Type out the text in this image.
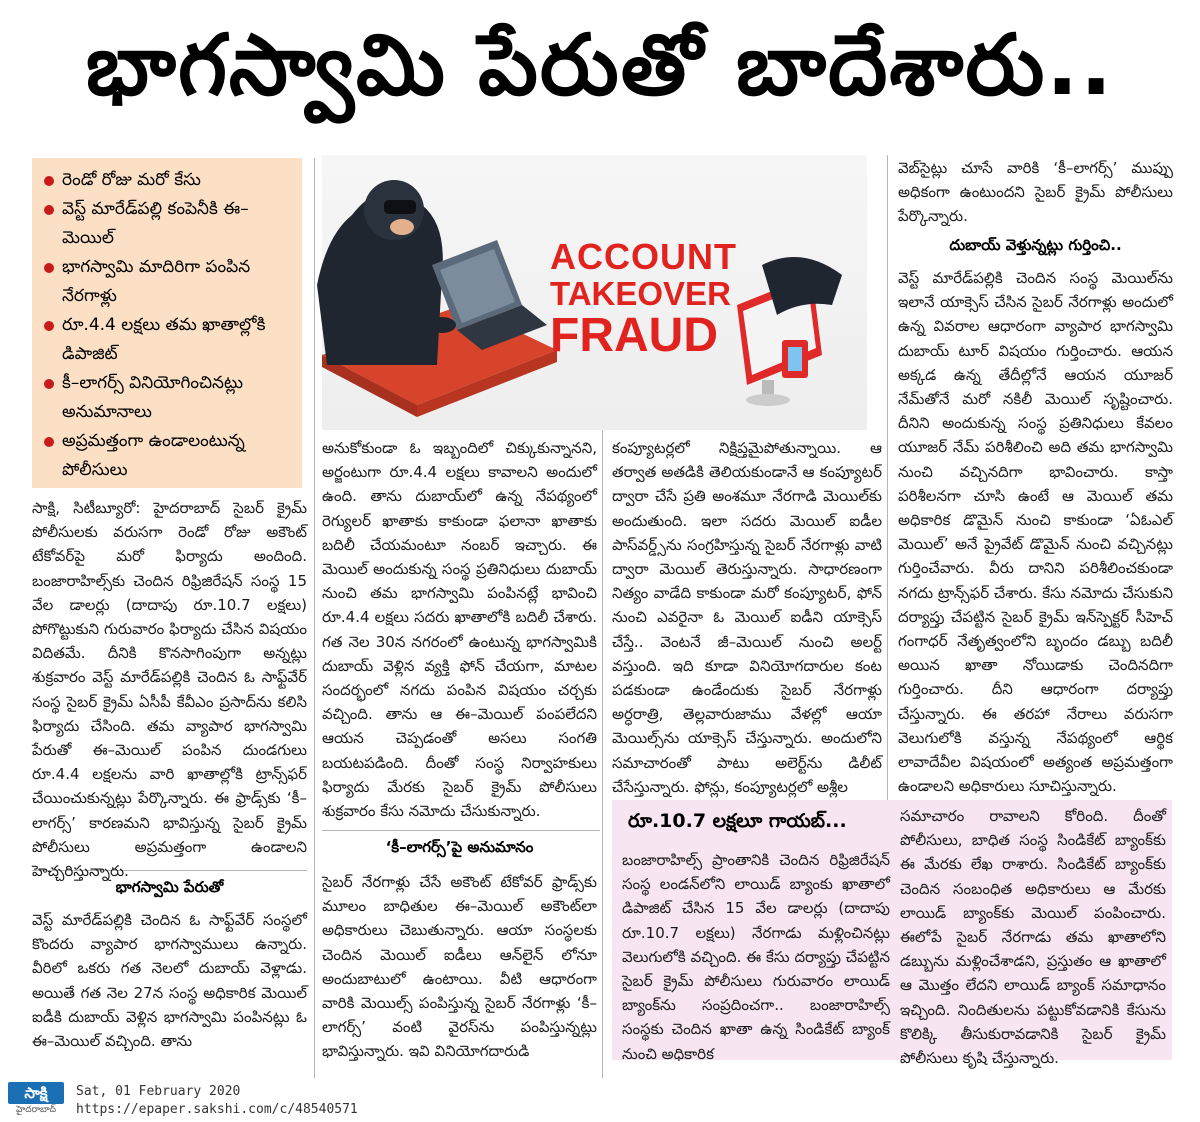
భాగస్వామి పేరుతో బాదేశారు..
రెండో రోజు మరో కేసు
వెస్ట్ మారేడ్‌పల్లి కంపెనీకి ఈ–మెయిల్
భాగస్వామి మాదిరిగా పంపిన నేరగాళ్లు
రూ.4.4 లక్షలు తమ ఖాతాల్లోకి డిపాజిట్
కీ–లాగర్స్ వినియోగించినట్లు అనుమానాలు
అప్రమత్తంగా ఉండాలంటున్న పోలీసులు

సాక్షి, సిటీబ్యూరో: హైదరాబాద్ సైబర్ క్రైమ్ పోలీసులకు వరుసగా రెండో రోజు అకౌంట్ టేకోవర్‌పై మరో ఫిర్యాదు అందింది. బంజారాహిల్స్‌కు చెందిన రిఫ్రిజిరేషన్ సంస్థ 15 వేల డాలర్లు (దాదాపు రూ.10.7 లక్షలు) పోగొట్టుకుని గురువారం ఫిర్యాదు చేసిన విషయం విదితమే. దీనికి కొనసాగింపుగా అన్నట్లు శుక్రవారం వెస్ట్ మారేడ్‌పల్లికి చెందిన ఓ సాఫ్ట్‌వేర్ సంస్థ సైబర్ క్రైమ్ ఏసీపీ కేవీఎం ప్రసాద్‌ను కలిసి ఫిర్యాదు చేసింది. తమ వ్యాపార భాగస్వామి పేరుతో ఈ–మెయిల్ పంపిన దుండగులు రూ.4.4 లక్షలను వారి ఖాతాల్లోకి ట్రాన్స్‌ఫర్ చేయించుకున్నట్లు పేర్కొన్నారు. ఈ ఫ్రాడ్స్‌కు ‘కీ–లాగర్స్’ కారణమని భావిస్తున్న సైబర్ క్రైమ్ పోలీసులు అప్రమత్తంగా ఉండాలని హెచ్చరిస్తున్నారు.

భాగస్వామి పేరుతో

వెస్ట్ మారేడ్‌పల్లికి చెందిన ఓ సాఫ్ట్‌వేర్ సంస్థలో కొందరు వ్యాపార భాగస్వాములు ఉన్నారు. వీరిలో ఒకరు గత నెలలో దుబాయ్ వెళ్లాడు. అయితే గత నెల 27న సంస్థ అధికారిక మెయిల్ ఐడీకి దుబాయ్ వెళ్లిన భాగస్వామి పంపినట్లు ఓ ఈ–మెయిల్ వచ్చింది. తాను

ACCOUNT
TAKEOVER
FRAUD

అనుకోకుండా ఓ ఇబ్బందిలో చిక్కుకున్నానని, అర్జంటుగా రూ.4.4 లక్షలు కావాలని అందులో ఉంది. తాను దుబాయ్‌లో ఉన్న నేపథ్యంలో రెగ్యులర్ ఖాతాకు కాకుండా ఫలానా ఖాతాకు బదిలీ చేయమంటూ నంబర్ ఇచ్చారు. ఈ మెయిల్ అందుకున్న సంస్థ ప్రతినిధులు దుబాయ్ నుంచి తమ భాగస్వామి పంపినట్లే భావించి రూ.4.4 లక్షలు సదరు ఖాతాలోకి బదిలీ చేశారు. గత నెల 30న నగరంలో ఉంటున్న భాగస్వామికి దుబాయ్ వెళ్లిన వ్యక్తి ఫోన్ చేయగా, మాటల సందర్భంలో నగదు పంపిన విషయం చర్చకు వచ్చింది. తాను ఆ ఈ–మెయిల్ పంపలేదని ఆయన చెప్పడంతో అసలు సంగతి బయటపడింది. దీంతో సంస్థ నిర్వాహకులు ఫిర్యాదు మేరకు సైబర్ క్రైమ్ పోలీసులు శుక్రవారం కేసు నమోదు చేసుకున్నారు.

‘కీ–లాగర్స్’పై అనుమానం

సైబర్ నేరగాళ్లు చేసే అకౌంట్ టేకోవర్ ఫ్రాడ్స్‌కు మూలం బాధితుల ఈ–మెయిల్ అకౌంట్‌లా అధికారులు చెబుతున్నారు. ఆయా సంస్థలకు చెందిన మెయిల్ ఐడీలు ఆన్‌లైన్ లోనూ అందుబాటులో ఉంటాయి. వీటి ఆధారంగా వారికి మెయిల్స్ పంపిస్తున్న సైబర్ నేరగాళ్లు ‘కీ–లాగర్స్’ వంటి వైరస్‌ను పంపిస్తున్నట్లు భావిస్తున్నారు. ఇవి వినియోగదారుడి

కంప్యూటర్లలో నిక్షిప్తమైపోతున్నాయి. ఆ తర్వాత అతడికి తెలియకుండానే ఆ కంప్యూటర్ ద్వారా చేసే ప్రతి అంశమూ నేరగాడి మెయిల్‌కు అందుతుంది. ఇలా సదరు మెయిల్ ఐడీల పాస్‌వర్డ్స్‌ను సంగ్రహిస్తున్న సైబర్ నేరగాళ్లు వాటి ద్వారా మెయిల్ తెరుస్తున్నారు. సాధారణంగా నిత్యం వాడేది కాకుండా మరో కంప్యూటర్, ఫోన్ నుంచి ఎవరైనా ఓ మెయిల్ ఐడీని యాక్సెస్ చేస్తే.. వెంటనే జీ–మెయిల్ నుంచి అలర్ట్ వస్తుంది. ఇది కూడా వినియోగదారుల కంట పడకుండా ఉండేందుకు సైబర్ నేరగాళ్లు అర్ధరాత్రి, తెల్లవారుజాము వేళల్లో ఆయా మెయిల్స్‌ను యాక్సెస్ చేస్తున్నారు. అందులోని సమాచారంతో పాటు అలెర్ట్‌ను డిలీట్ చేసేస్తున్నారు. ఫోన్లు, కంప్యూటర్లలో అశ్లీల

వెబ్‌సైట్లు చూసే వారికి ‘కీ–లాగర్స్’ ముప్పు అధికంగా ఉంటుందని సైబర్ క్రైమ్ పోలీసులు పేర్కొన్నారు.

దుబాయ్ వెళ్తున్నట్లు గుర్తించి..

వెస్ట్ మారేడ్‌పల్లికి చెందిన సంస్థ మెయిల్‌ను ఇలానే యాక్సెస్ చేసిన సైబర్ నేరగాళ్లు అందులో ఉన్న వివరాల ఆధారంగా వ్యాపార భాగస్వామి దుబాయ్ టూర్ విషయం గుర్తించారు. ఆయన అక్కడ ఉన్న తేదీల్లోనే ఆయన యూజర్ నేమ్‌తోనే మరో నకిలీ మెయిల్ సృష్టించారు. దీనిని అందుకున్న సంస్థ ప్రతినిధులు కేవలం యూజర్ నేమ్ పరిశీలించి అది తమ భాగస్వామి నుంచి వచ్చినదిగా భావించారు. కాస్తా పరిశీలనగా చూసి ఉంటే ఆ మెయిల్ తమ అధికారిక డొమైన్ నుంచి కాకుండా ‘ఏఓఎల్ మెయిల్’ అనే ప్రైవేట్ డొమైన్ నుంచి వచ్చినట్లు గుర్తించేవారు. వీరు దానిని పరిశీలించకుండా నగదు ట్రాన్స్‌ఫర్ చేశారు. కేసు నమోదు చేసుకుని దర్యాప్తు చేపట్టిన సైబర్ క్రైమ్ ఇన్‌స్పెక్టర్ సీహెచ్ గంగాధర్ నేతృత్వంలోని బృందం డబ్బు బదిలీ అయిన ఖాతా నోయిడాకు చెందినదిగా గుర్తించారు. దీని ఆధారంగా దర్యాప్తు చేస్తున్నారు. ఈ తరహా నేరాలు వరుసగా వెలుగులోకి వస్తున్న నేపథ్యంలో ఆర్థిక లావాదేవీల విషయంలో అత్యంత అప్రమత్తంగా ఉండాలని అధికారులు సూచిస్తున్నారు.

రూ.10.7 లక్షలూ గాయబ్...

బంజారాహిల్స్ ప్రాంతానికి చెందిన రిఫ్రిజిరేషన్ సంస్థ లండన్‌లోని లాయిడ్ బ్యాంకు ఖాతాలో డిపాజిట్ చేసిన 15 వేల డాలర్లు (దాదాపు రూ.10.7 లక్షలు) నేరగాడు మళ్లించినట్లు వెలుగులోకి వచ్చింది. ఈ కేసు దర్యాప్తు చేపట్టిన సైబర్ క్రైమ్ పోలీసులు గురువారం లాయిడ్ బ్యాంక్‌ను సంప్రదించగా.. బంజారాహిల్స్ సంస్థకు చెందిన ఖాతా ఉన్న సిండికేట్ బ్యాంక్ నుంచి అధికారిక

సమాచారం రావాలని కోరింది. దీంతో పోలీసులు, బాధిత సంస్థ సిండికేట్ బ్యాంక్‌కు ఈ మేరకు లేఖ రాశారు. సిండికేట్ బ్యాంక్‌కు చెందిన సంబంధిత అధికారులు ఆ మేరకు లాయిడ్ బ్యాంక్‌కు మెయిల్ పంపించారు. ఈలోపే సైబర్ నేరగాడు తమ ఖాతాలోని డబ్బును మళ్లించేశాడని, ప్రస్తుతం ఆ ఖాతాలో ఆ మొత్తం లేదని లాయిడ్ బ్యాంక్ సమాధానం ఇచ్చింది. నిందితులను పట్టుకోవడానికి కేసును కొలిక్కి తీసుకురావడానికి సైబర్ క్రైమ్ పోలీసులు కృషి చేస్తున్నారు.

సాక్షి
హైదరాబాద్
Sat, 01 February 2020
https://epaper.sakshi.com/c/48540571
